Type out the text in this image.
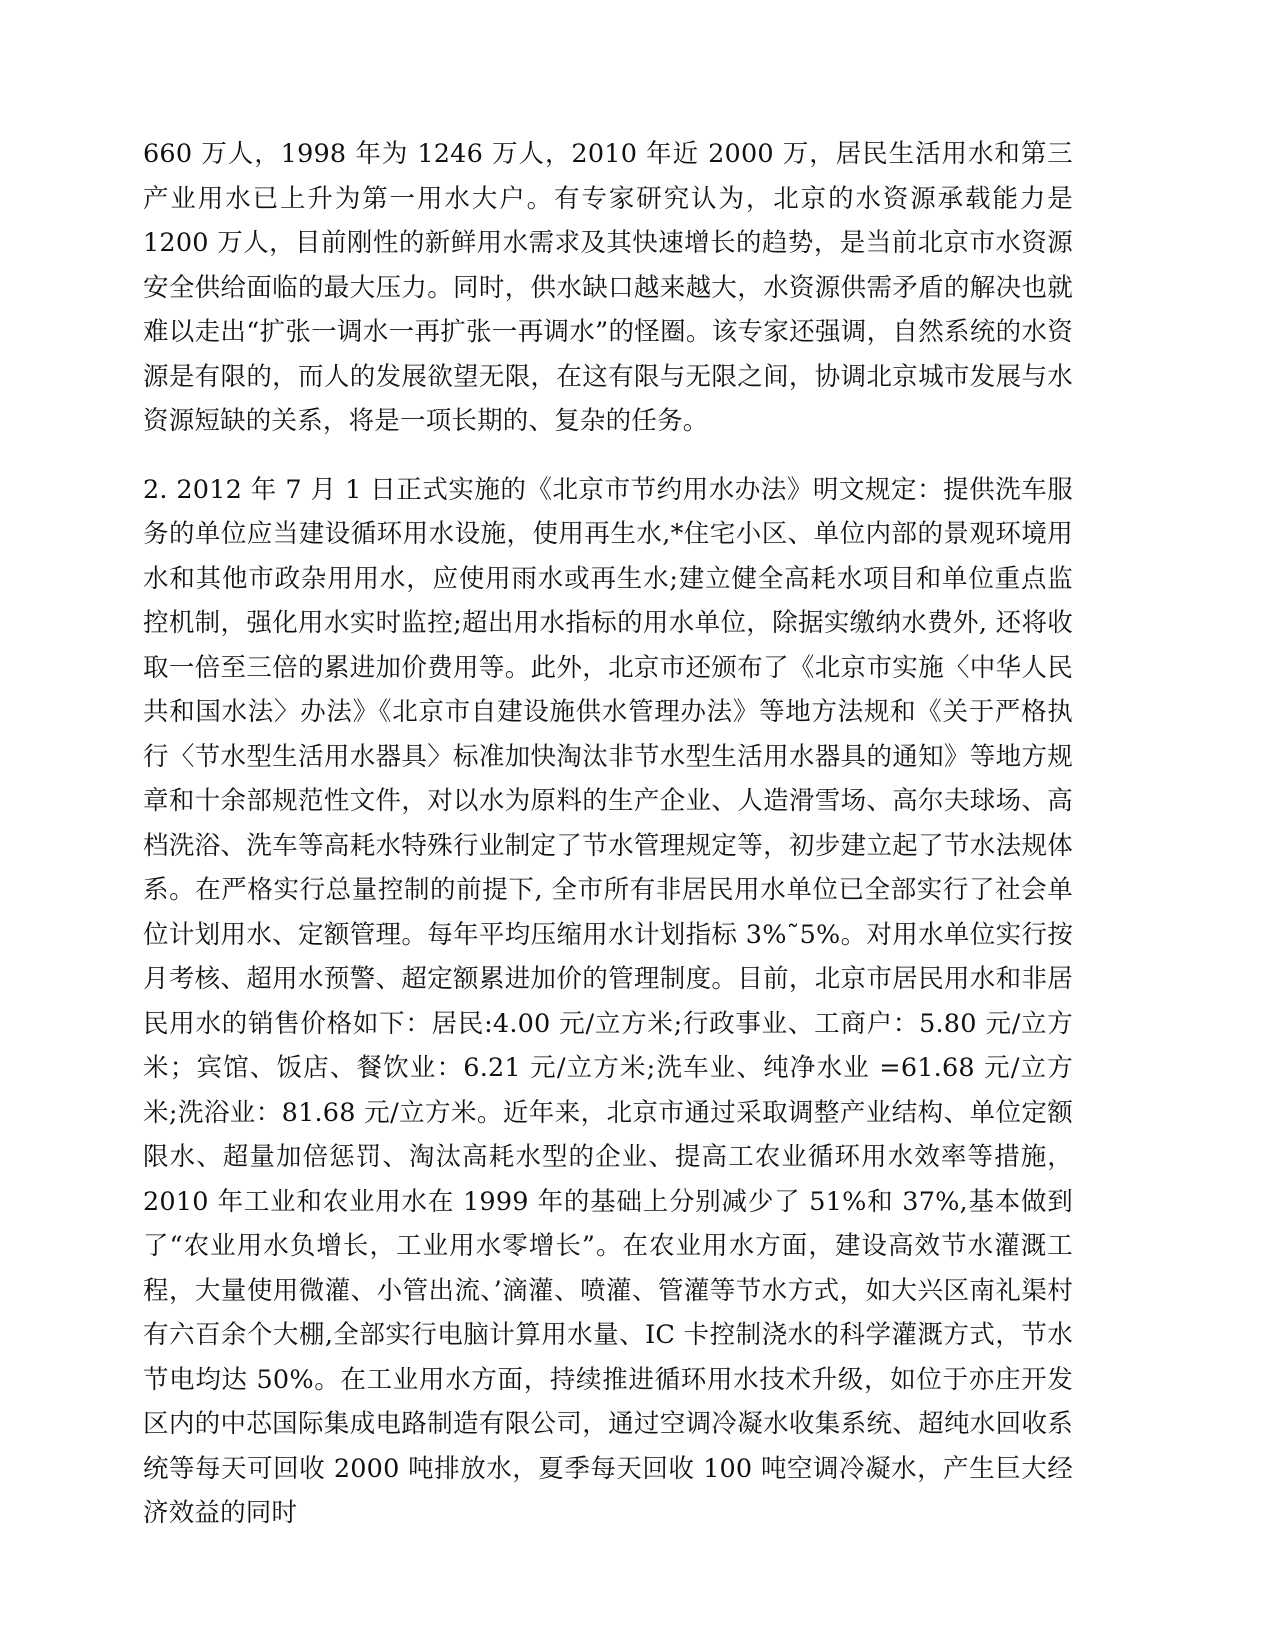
660 万人，1998 年为 1246 万人，2010 年近 2000 万，居民生活用水和第三产业用水已上升为第一用水大户。有专家研究认为，北京的水资源承载能力是 1200 万人，目前刚性的新鲜用水需求及其快速增长的趋势，是当前北京市水资源安全供给面临的最大压力。同时，供水缺口越来越大，水资源供需矛盾的解决也就难以走出“扩张一调水一再扩张一再调水”的怪圈。该专家还强调，自然系统的水资源是有限的，而人的发展欲望无限，在这有限与无限之间，协调北京城市发展与水资源短缺的关系，将是一项长期的、复杂的任务。

2. 2012 年 7 月 1 日正式实施的《北京市节约用水办法》明文规定：提供洗车服务的单位应当建设循环用水设施，使用再生水,*住宅小区、单位内部的景观环境用水和其他市政杂用用水，应使用雨水或再生水;建立健全高耗水项目和单位重点监控机制，强化用水实时监控;超出用水指标的用水单位，除据实缴纳水费外, 还将收取一倍至三倍的累进加价费用等。此外，北京市还颁布了《北京市实施〈中华人民共和国水法〉办法》《北京市自建设施供水管理办法》等地方法规和《关于严格执行〈节水型生活用水器具〉标准加快淘汰非节水型生活用水器具的通知》等地方规章和十余部规范性文件，对以水为原料的生产企业、人造滑雪场、高尔夫球场、高档洗浴、洗车等高耗水特殊行业制定了节水管理规定等，初步建立起了节水法规体系。在严格实行总量控制的前提下, 全市所有非居民用水单位已全部实行了社会单位计划用水、定额管理。每年平均压缩用水计划指标 3%˜5%。对用水单位实行按月考核、超用水预警、超定额累进加价的管理制度。目前，北京市居民用水和非居民用水的销售价格如下：居民:4.00 元/立方米;行政事业、工商户：5.80 元/立方米；宾馆、饭店、餐饮业：6.21 元/立方米;洗车业、纯净水业 =61.68 元/立方米;洗浴业：81.68 元/立方米。近年来，北京市通过采取调整产业结构、单位定额限水、超量加倍惩罚、淘汰高耗水型的企业、提高工农业循环用水效率等措施，2010 年工业和农业用水在 1999 年的基础上分别减少了 51%和 37%,基本做到了“农业用水负增长，工业用水零增长”。在农业用水方面，建设高效节水灌溉工程，大量使用微灌、小管出流、’滴灌、喷灌、管灌等节水方式，如大兴区南礼渠村有六百余个大棚,全部实行电脑计算用水量、IC 卡控制浇水的科学灌溉方式，节水节电均达 50%。在工业用水方面，持续推进循环用水技术升级，如位于亦庄开发区内的中芯国际集成电路制造有限公司，通过空调冷凝水收集系统、超纯水回收系统等每天可回收 2000 吨排放水，夏季每天回收 100 吨空调冷凝水，产生巨大经济效益的同时
